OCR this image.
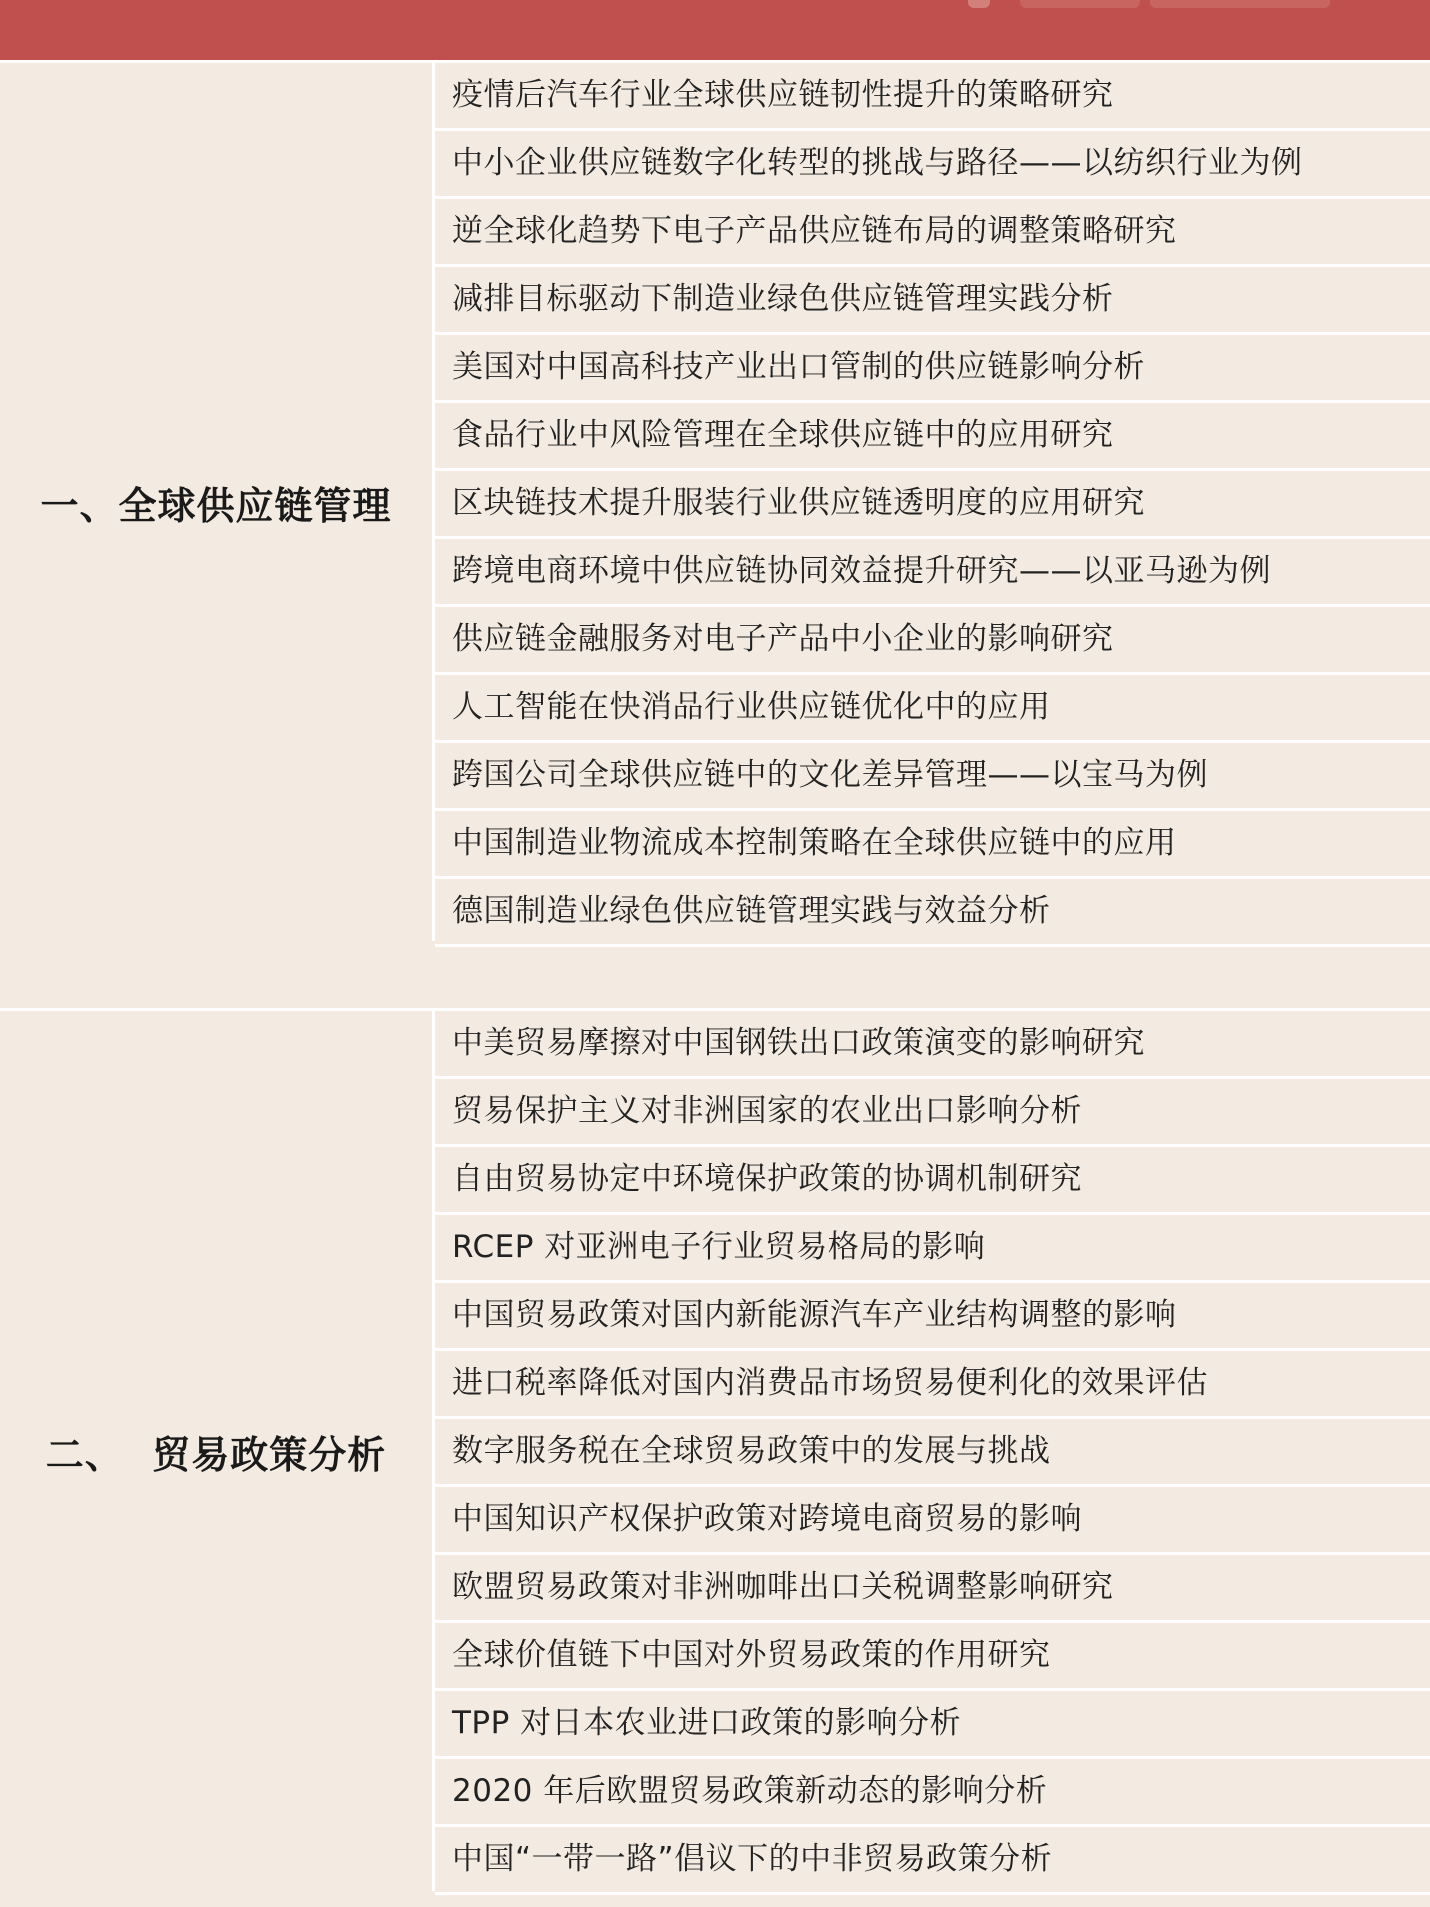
一、全球供应链管理
疫情后汽车行业全球供应链韧性提升的策略研究
中小企业供应链数字化转型的挑战与路径——以纺织行业为例
逆全球化趋势下电子产品供应链布局的调整策略研究
减排目标驱动下制造业绿色供应链管理实践分析
美国对中国高科技产业出口管制的供应链影响分析
食品行业中风险管理在全球供应链中的应用研究
区块链技术提升服装行业供应链透明度的应用研究
跨境电商环境中供应链协同效益提升研究——以亚马逊为例
供应链金融服务对电子产品中小企业的影响研究
人工智能在快消品行业供应链优化中的应用
跨国公司全球供应链中的文化差异管理——以宝马为例
中国制造业物流成本控制策略在全球供应链中的应用
德国制造业绿色供应链管理实践与效益分析
二、  贸易政策分析
中美贸易摩擦对中国钢铁出口政策演变的影响研究
贸易保护主义对非洲国家的农业出口影响分析
自由贸易协定中环境保护政策的协调机制研究
RCEP 对亚洲电子行业贸易格局的影响
中国贸易政策对国内新能源汽车产业结构调整的影响
进口税率降低对国内消费品市场贸易便利化的效果评估
数字服务税在全球贸易政策中的发展与挑战
中国知识产权保护政策对跨境电商贸易的影响
欧盟贸易政策对非洲咖啡出口关税调整影响研究
全球价值链下中国对外贸易政策的作用研究
TPP 对日本农业进口政策的影响分析
2020 年后欧盟贸易政策新动态的影响分析
中国“一带一路”倡议下的中非贸易政策分析
